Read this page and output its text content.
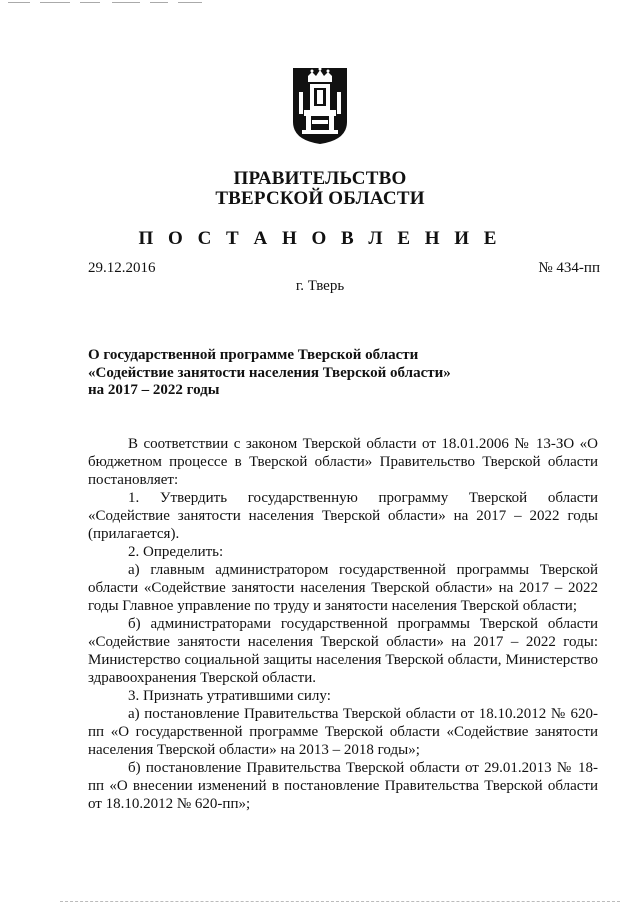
ПРАВИТЕЛЬСТВО
ТВЕРСКОЙ ОБЛАСТИ
П О С Т А Н О В Л Е Н И Е
29.12.2016	№ 434-пп
г. Тверь
О государственной программе Тверской области
«Содействие занятости населения Тверской области»
на 2017 – 2022 годы

В соответствии с законом Тверской области от 18.01.2006 № 13-ЗО «О бюджетном процессе в Тверской области» Правительство Тверской области постановляет:

1. Утвердить государственную программу Тверской области «Содействие занятости населения Тверской области» на 2017 – 2022 годы (прилагается).

2. Определить:

а) главным администратором государственной программы Тверской области «Содействие занятости населения Тверской области» на 2017 – 2022 годы Главное управление по труду и занятости населения Тверской области;

б) администраторами государственной программы Тверской области «Содействие занятости населения Тверской области» на 2017 – 2022 годы: Министерство социальной защиты населения Тверской области, Министерство здравоохранения Тверской области.

3. Признать утратившими силу:

а) постановление Правительства Тверской области от 18.10.2012 № 620-пп «О государственной программе Тверской области «Содействие занятости населения Тверской области» на 2013 – 2018 годы»;

б) постановление Правительства Тверской области от 29.01.2013 № 18-пп «О внесении изменений в постановление Правительства Тверской области от 18.10.2012 № 620-пп»;
